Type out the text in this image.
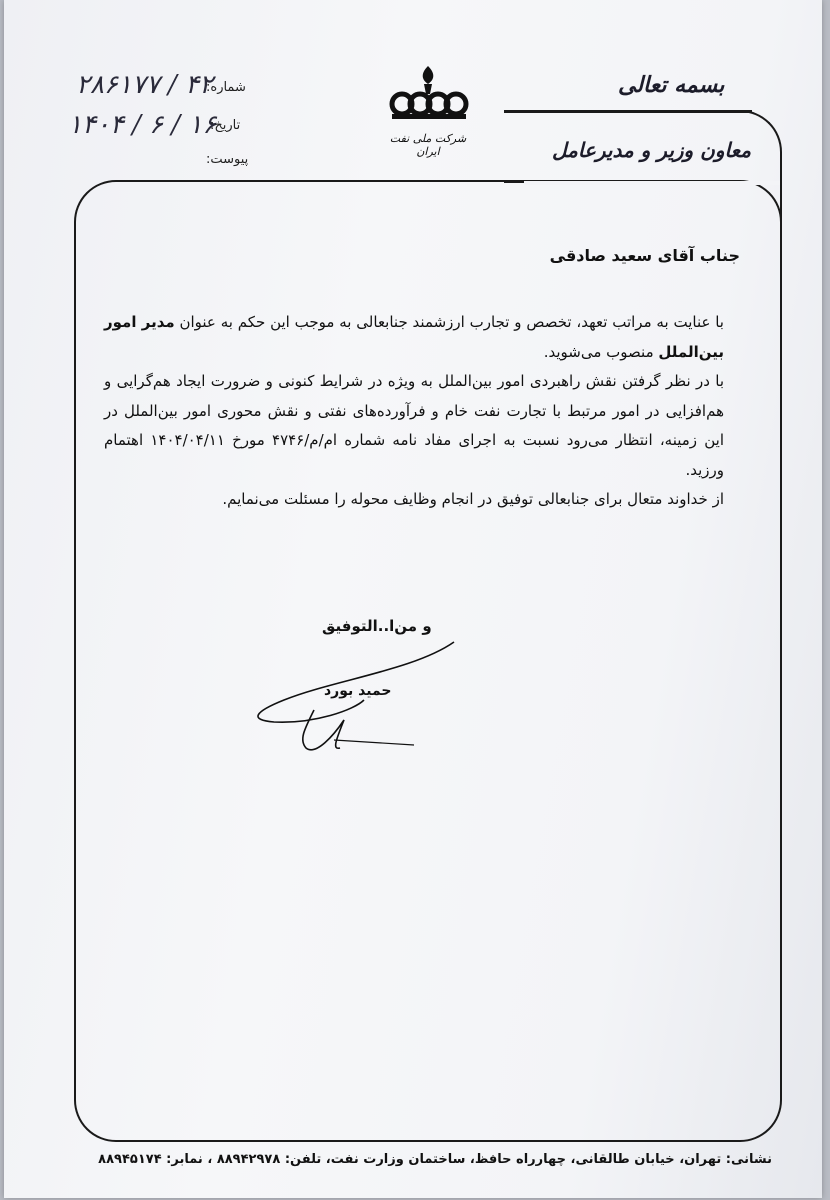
۲۸۶۱۷۷ / ۴۲
شماره:
۱۴۰۴ / ۶ / ۱۶
تاریخ:
پیوست:
شرکت ملی نفت ایران
بسمه تعالی
معاون وزیر و مدیرعامل
جناب آقای سعید صادقی

با عنایت به مراتب تعهد، تخصص و تجارب ارزشمند جنابعالی به موجب این حکم به عنوان مدیر امور بین‌الملل منصوب می‌شوید.

با در نظر گرفتن نقش راهبردی امور بین‌الملل به ویژه در شرایط کنونی و ضرورت ایجاد هم‌گرایی و هم‌افزایی در امور مرتبط با تجارت نفت خام و فرآورده‌های نفتی و نقش محوری امور بین‌الملل در این زمینه، انتظار می‌رود نسبت به اجرای مفاد نامه شماره ام/م/۴۷۴۶ مورخ ۱۴۰۴/۰۴/۱۱ اهتمام ورزید.

از خداوند متعال برای جنابعالی توفیق در انجام وظایف محوله را مسئلت می‌نمایم.

و من‌ا..‌التوفیق
حمید بورد
نشانی: تهران، خیابان طالقانی، چهارراه حافظ، ساختمان وزارت نفت، تلفن: ۸۸۹۴۲۹۷۸ ، نمابر: ۸۸۹۴۵۱۷۴
